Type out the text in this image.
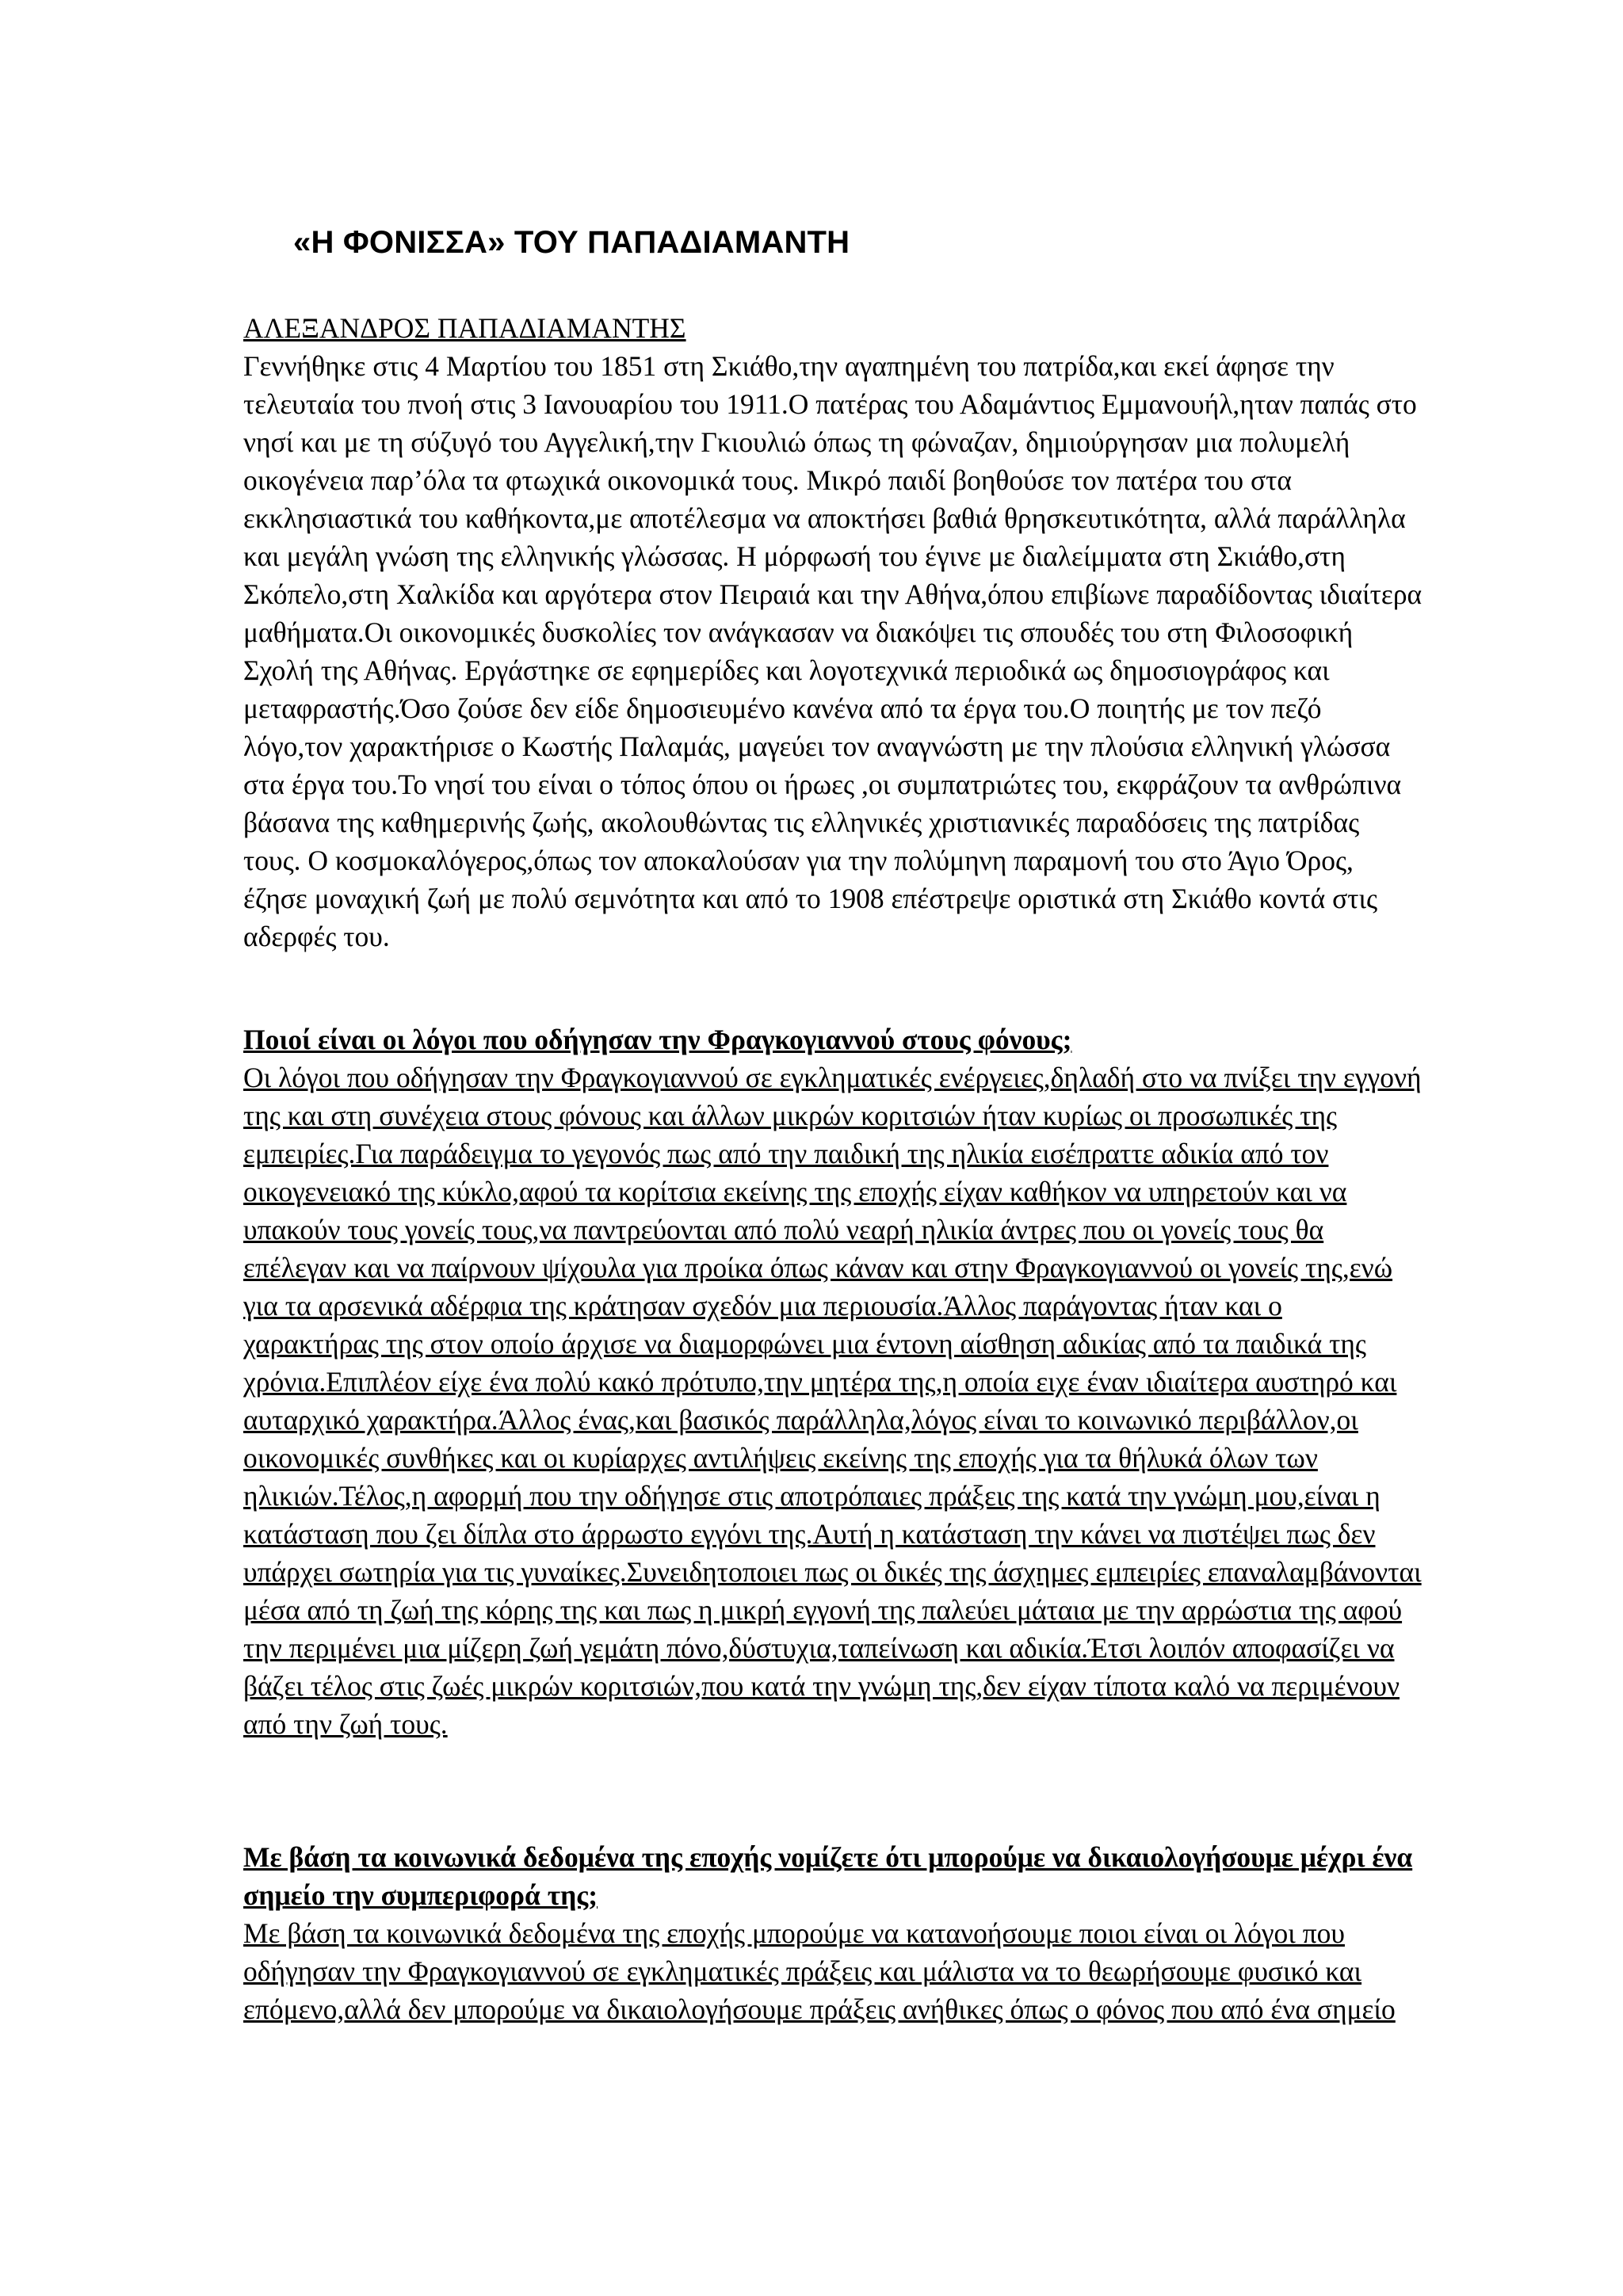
«Η ΦΟΝΙΣΣΑ» ΤΟΥ ΠΑΠΑΔΙΑΜΑΝΤΗ
ΑΛΕΞΑΝΔΡΟΣ ΠΑΠΑΔΙΑΜΑΝΤΗΣ
Γεννήθηκε στις 4 Μαρτίου του 1851 στη Σκιάθο,την αγαπημένη του πατρίδα,και εκεί άφησε την
τελευταία του πνοή στις 3 Ιανουαρίου του 1911.Ο πατέρας του Αδαμάντιος Εμμανουήλ,ηταν παπάς στο
νησί και με τη σύζυγό του Αγγελική,την Γκιουλιώ όπως τη φώναζαν, δημιούργησαν μια πολυμελή
οικογένεια παρ’όλα τα φτωχικά οικονομικά τους. Μικρό παιδί βοηθούσε τον πατέρα του στα
εκκλησιαστικά του καθήκοντα,με αποτέλεσμα να αποκτήσει βαθιά θρησκευτικότητα, αλλά παράλληλα
και μεγάλη γνώση της ελληνικής γλώσσας. Η μόρφωσή του έγινε με διαλείμματα στη Σκιάθο,στη
Σκόπελο,στη Χαλκίδα και αργότερα στον Πειραιά και την Αθήνα,όπου επιβίωνε παραδίδοντας ιδιαίτερα
μαθήματα.Οι οικονομικές δυσκολίες τον ανάγκασαν να διακόψει τις σπουδές του στη Φιλοσοφική
Σχολή της Αθήνας. Εργάστηκε σε εφημερίδες και λογοτεχνικά περιοδικά ως δημοσιογράφος και
μεταφραστής.Όσο ζούσε δεν είδε δημοσιευμένο κανένα από τα έργα του.Ο ποιητής με τον πεζό
λόγο,τον χαρακτήρισε ο Κωστής Παλαμάς, μαγεύει τον αναγνώστη με την πλούσια ελληνική γλώσσα
στα έργα του.Το νησί του είναι ο τόπος όπου οι ήρωες ,οι συμπατριώτες του, εκφράζουν τα ανθρώπινα
βάσανα της καθημερινής ζωής, ακολουθώντας τις ελληνικές χριστιανικές παραδόσεις της πατρίδας
τους. Ο κοσμοκαλόγερος,όπως τον αποκαλούσαν για την πολύμηνη παραμονή του στο Άγιο Όρος,
έζησε μοναχική ζωή με πολύ σεμνότητα και από το 1908 επέστρεψε οριστικά στη Σκιάθο κοντά στις
αδερφές του.
Ποιοί είναι οι λόγοι που οδήγησαν την Φραγκογιαννού στους φόνους;
Οι λόγοι που οδήγησαν την Φραγκογιαννού σε εγκληματικές ενέργειες,δηλαδή στο να πνίξει την εγγονή
της και στη συνέχεια στους φόνους και άλλων μικρών κοριτσιών ήταν κυρίως οι προσωπικές της
εμπειρίες.Για παράδειγμα το γεγονός πως από την παιδική της ηλικία εισέπραττε αδικία από τον
οικογενειακό της κύκλο,αφού τα κορίτσια εκείνης της εποχής είχαν καθήκον να υπηρετούν και να
υπακούν τους γονείς τους,να παντρεύονται από πολύ νεαρή ηλικία άντρες που οι γονείς τους θα
επέλεγαν και να παίρνουν ψίχουλα για προίκα όπως κάναν και στην Φραγκογιαννού οι γονείς της,ενώ
για τα αρσενικά αδέρφια της κράτησαν σχεδόν μια περιουσία.Άλλος παράγοντας ήταν και ο
χαρακτήρας της στον οποίο άρχισε να διαμορφώνει μια έντονη αίσθηση αδικίας από τα παιδικά της
χρόνια.Επιπλέον είχε ένα πολύ κακό πρότυπο,την μητέρα της,η οποία ειχε έναν ιδιαίτερα αυστηρό και
αυταρχικό χαρακτήρα.Άλλος ένας,και βασικός παράλληλα,λόγος είναι το κοινωνικό περιβάλλον,οι
οικονομικές συνθήκες και οι κυρίαρχες αντιλήψεις εκείνης της εποχής για τα θήλυκά όλων των
ηλικιών.Τέλος,η αφορμή που την οδήγησε στις αποτρόπαιες πράξεις της κατά την γνώμη μου,είναι η
κατάσταση που ζει δίπλα στο άρρωστο εγγόνι της.Αυτή η κατάσταση την κάνει να πιστέψει πως δεν
υπάρχει σωτηρία για τις γυναίκες.Συνειδητοποιει πως οι δικές της άσχημες εμπειρίες επαναλαμβάνονται
μέσα από τη ζωή της κόρης της και πως η μικρή εγγονή της παλεύει μάταια με την αρρώστια της αφού
την περιμένει μια μίζερη ζωή γεμάτη πόνο,δύστυχια,ταπείνωση και αδικία.Έτσι λοιπόν αποφασίζει να
βάζει τέλος στις ζωές μικρών κοριτσιών,που κατά την γνώμη της,δεν είχαν τίποτα καλό να περιμένουν
από την ζωή τους.
Με βάση τα κοινωνικά δεδομένα της εποχής νομίζετε ότι μπορούμε να δικαιολογήσουμε μέχρι ένα
σημείο την συμπεριφορά της;
Με βάση τα κοινωνικά δεδομένα της εποχής μπορούμε να κατανοήσουμε ποιοι είναι οι λόγοι που
οδήγησαν την Φραγκογιαννού σε εγκληματικές πράξεις και μάλιστα να το θεωρήσουμε φυσικό και
επόμενο,αλλά δεν μπορούμε να δικαιολογήσουμε πράξεις ανήθικες όπως ο φόνος που από ένα σημείο
